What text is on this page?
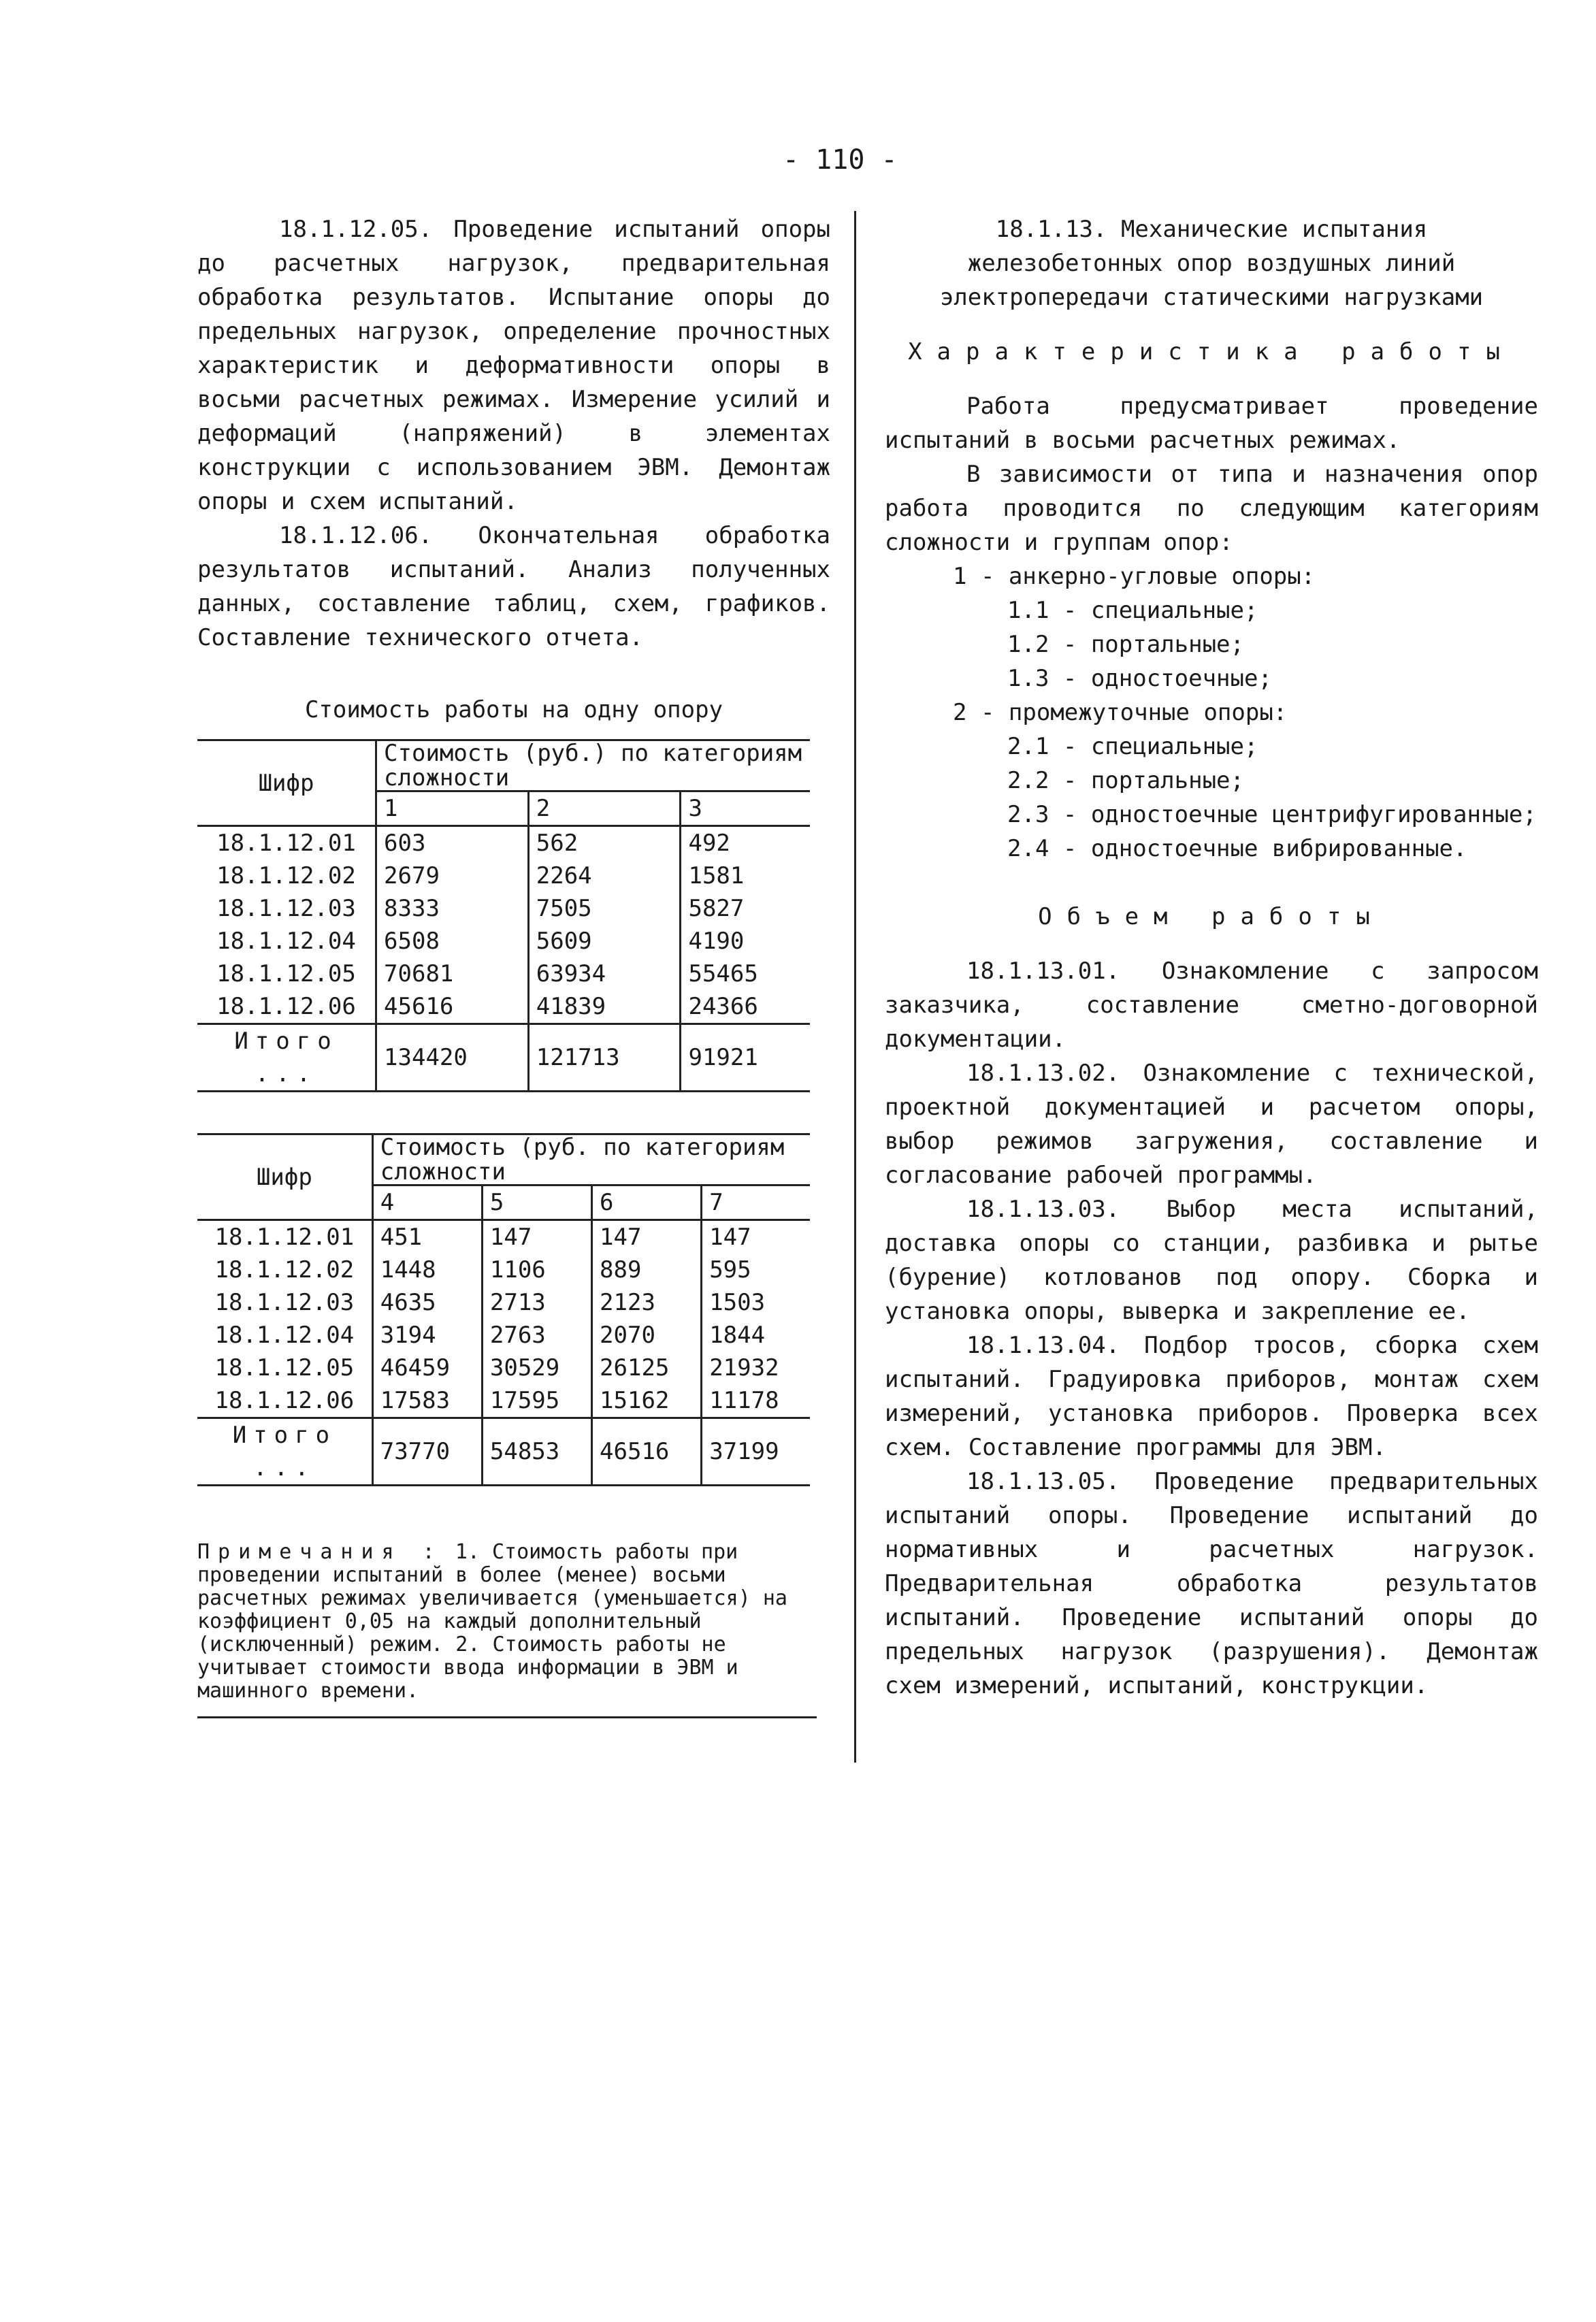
- 110 -

18.1.12.05. Проведение испытаний опоры до расчетных нагрузок, предварительная обработка результатов. Испытание опоры до предельных нагрузок, определение прочностных характеристик и деформативности опоры в восьми расчетных режимах. Измерение усилий и деформаций (напряжений) в элементах конструкции с использованием ЭВМ. Демонтаж опоры и схем испытаний.

18.1.12.06. Окончательная обработка результатов испытаний. Анализ полученных данных, составление таблиц, схем, графиков. Составление технического отчета.

Стоимость работы на одну опору
Шифр	Стоимость (руб.) по категориям сложности		
	1	2	3
18.1.12.01	603	562	492
18.1.12.02	2679	2264	1581
18.1.12.03	8333	7505	5827
18.1.12.04	6508	5609	4190
18.1.12.05	70681	63934	55465
18.1.12.06	45616	41839	24366
Итого ...	134420	121713	91921
Шифр	Стоимость (руб. по категориям сложности			
	4	5	6	7
18.1.12.01	451	147	147	147
18.1.12.02	1448	1106	889	595
18.1.12.03	4635	2713	2123	1503
18.1.12.04	3194	2763	2070	1844
18.1.12.05	46459	30529	26125	21932
18.1.12.06	17583	17595	15162	11178
Итого ...	73770	54853	46516	37199
Примечания : 1. Стоимость работы при проведении испытаний в более (менее) восьми расчетных режимах увеличивается (уменьшается) на коэффициент 0,05 на каждый дополнительный (исключенный) режим. 2. Стоимость работы не учитывает стоимости ввода информации в ЭВМ и машинного времени.

18.1.13. Механические испытания железобетонных опор воздушных линий электропередачи статическими нагрузками

Характеристика работы

Работа предусматривает проведение испытаний в восьми расчетных режимах.

В зависимости от типа и назначения опор работа проводится по следующим категориям сложности и группам опор:

1 - анкерно-угловые опоры:

1.1 - специальные;

1.2 - портальные;

1.3 - одностоечные;

2 - промежуточные опоры:

2.1 - специальные;

2.2 - портальные;

2.3 - одностоечные центрифугированные;

2.4 - одностоечные вибрированные.

Объем работы

18.1.13.01. Ознакомление с запросом заказчика, составление сметно-договорной документации.

18.1.13.02. Ознакомление с технической, проектной документацией и расчетом опоры, выбор режимов загружения, составление и согласование рабочей программы.

18.1.13.03. Выбор места испытаний, доставка опоры со станции, разбивка и рытье (бурение) котлованов под опору. Сборка и установка опоры, выверка и закрепление ее.

18.1.13.04. Подбор тросов, сборка схем испытаний. Градуировка приборов, монтаж схем измерений, установка приборов. Проверка всех схем. Составление программы для ЭВМ.

18.1.13.05. Проведение предварительных испытаний опоры. Проведение испытаний до нормативных и расчетных нагрузок. Предварительная обработка результатов испытаний. Проведение испытаний опоры до предельных нагрузок (разрушения). Демонтаж схем измерений, испытаний, конструкции.
